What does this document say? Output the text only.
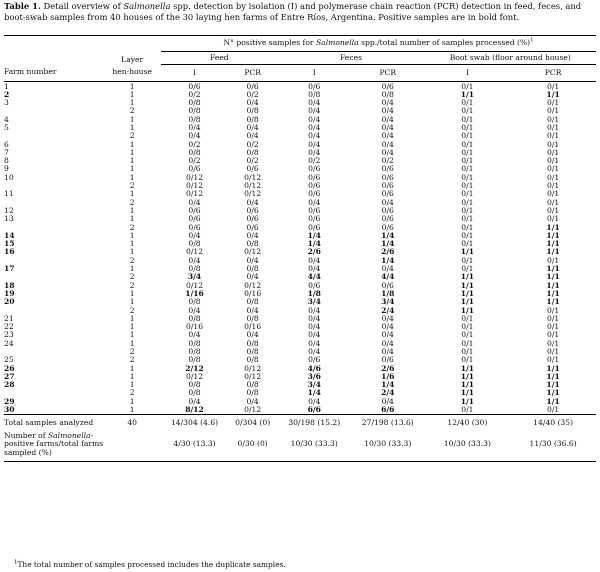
Table 1. Detail overview of Salmonella spp. detection by isolation (I) and polymerase chain reaction (PCR) detection in feed, feces, and boot-swab samples from 40 houses of the 30 laying hen farms of Entre Ríos, Argentina. Positive samples are in bold font.
		N° positive samples for Salmonella spp./total number of samples processed (%)$^1$
	Layer	Feed		Feces		Boot swab (floor around house)	
Farm number	hen-house	I	PCR	I	PCR	I	PCR
1	1	0/6	0/6	0/6	0/6	0/1	0/1
2	1	0/2	0/2	0/8	0/8	1/1	1/1
3	1	0/8	0/4	0/4	0/4	0/1	0/1
	2	0/8	0/8	0/4	0/4	0/1	0/1
4	1	0/8	0/8	0/4	0/4	0/1	0/1
5	1	0/4	0/4	0/4	0/4	0/1	0/1
	2	0/4	0/4	0/4	0/4	0/1	0/1
6	1	0/2	0/2	0/4	0/4	0/1	0/1
7	1	0/8	0/8	0/4	0/4	0/1	0/1
8	1	0/2	0/2	0/2	0/2	0/1	0/1
9	1	0/6	0/6	0/6	0/6	0/1	0/1
10	1	0/12	0/12	0/6	0/6	0/1	0/1
	2	0/12	0/12	0/6	0/6	0/1	0/1
11	1	0/12	0/12	0/6	0/6	0/1	0/1
	2	0/4	0/4	0/4	0/4	0/1	0/1
12	1	0/6	0/6	0/6	0/6	0/1	0/1
13	1	0/6	0/6	0/6	0/6	0/1	0/1
	2	0/6	0/6	0/6	0/6	0/1	1/1
14	1	0/4	0/4	1/4	1/4	0/1	1/1
15	1	0/8	0/8	1/4	1/4	0/1	1/1
16	1	0/12	0/12	2/6	2/6	1/1	1/1
	2	0/4	0/4	0/4	1/4	0/1	0/1
17	1	0/8	0/8	0/4	0/4	0/1	1/1
	2	3/4	0/4	4/4	4/4	1/1	1/1
18	2	0/12	0/12	0/6	0/6	1/1	1/1
19	1	1/16	0/16	1/8	1/8	1/1	1/1
20	1	0/8	0/8	3/4	3/4	1/1	1/1
	2	0/4	0/4	0/4	2/4	1/1	0/1
21	1	0/8	0/8	0/4	0/4	0/1	0/1
22	1	0/16	0/16	0/4	0/4	0/1	0/1
23	1	0/4	0/4	0/4	0/4	0/1	0/1
24	1	0/8	0/8	0/4	0/4	0/1	0/1
	2	0/8	0/8	0/4	0/4	0/1	0/1
25	2	0/8	0/8	0/6	0/6	0/1	0/1
26	1	2/12	0/12	4/6	2/6	1/1	1/1
27	1	0/12	0/12	3/6	1/6	1/1	1/1
28	1	0/8	0/8	3/4	1/4	1/1	1/1
	2	0/8	0/8	1/4	2/4	1/1	1/1
29	1	0/4	0/4	0/4	0/4	1/1	1/1
30	1	8/12	0/12	6/6	6/6	0/1	0/1
Total samples analyzed	40	14/304 (4.6)	0/304 (0)	30/198 (15.2)	27/198 (13.6)	12/40 (30)	14/40 (35)
Number of Salmonella-							
positive farms/total farms		4/30 (13.3)	0/30 (0)	10/30 (33.3)	10/30 (33.3)	10/30 (33.3)	11/30 (36.6)
sampled (%)							
$^1$The total number of samples processed includes the duplicate samples.
